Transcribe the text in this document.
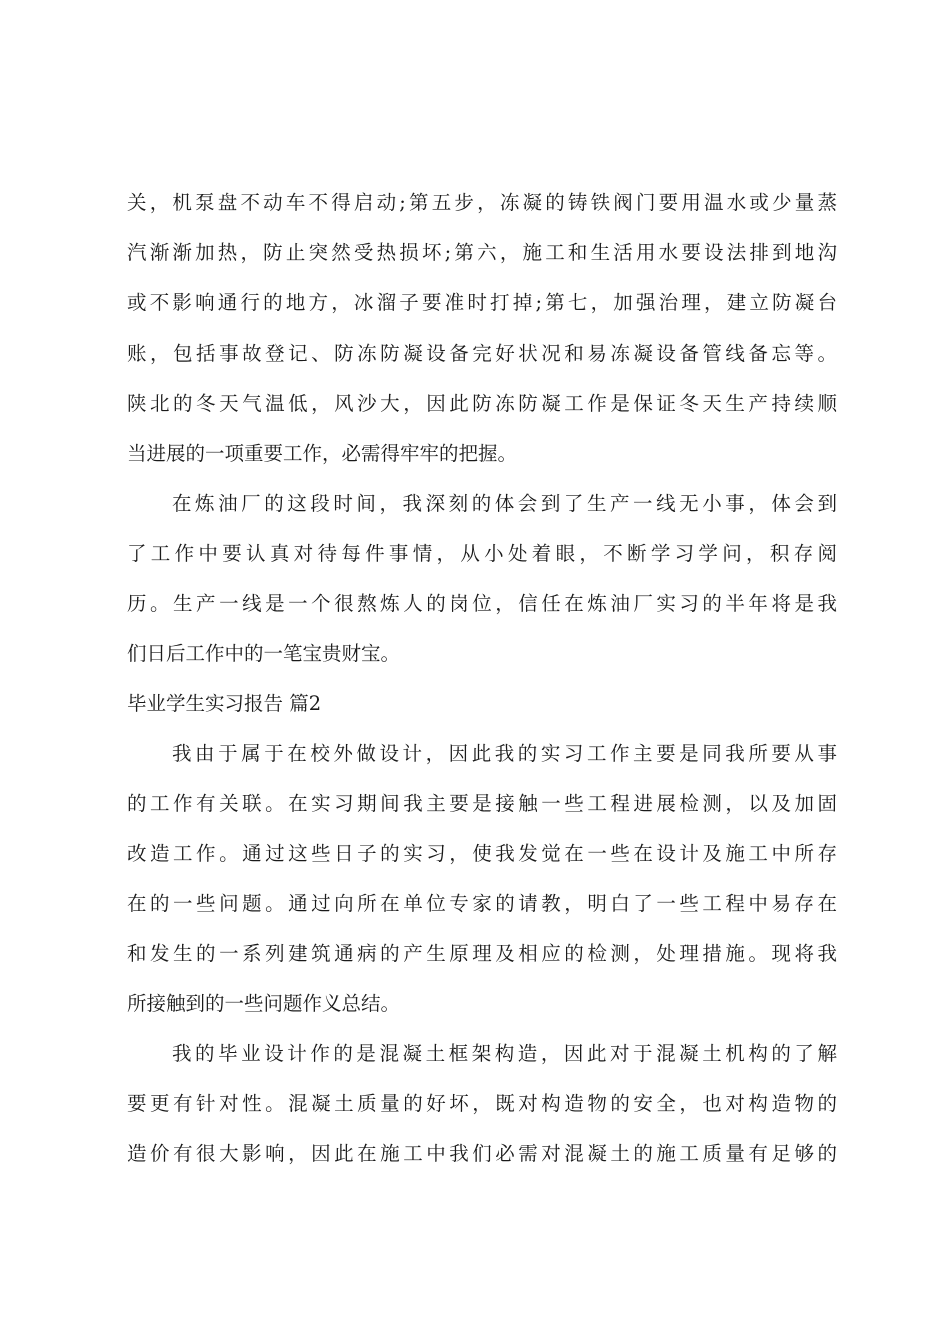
关，机泵盘不动车不得启动;第五步，冻凝的铸铁阀门要用温水或少量蒸
汽渐渐加热，防止突然受热损坏;第六，施工和生活用水要设法排到地沟
或不影响通行的地方，冰溜子要准时打掉;第七，加强治理，建立防凝台
账，包括事故登记、防冻防凝设备完好状况和易冻凝设备管线备忘等。
陕北的冬天气温低，风沙大，因此防冻防凝工作是保证冬天生产持续顺
当进展的一项重要工作，必需得牢牢的把握。
在炼油厂的这段时间，我深刻的体会到了生产一线无小事，体会到
了工作中要认真对待每件事情，从小处着眼，不断学习学问，积存阅
历。生产一线是一个很熬炼人的岗位，信任在炼油厂实习的半年将是我
们日后工作中的一笔宝贵财宝。
毕业学生实习报告 篇2
我由于属于在校外做设计，因此我的实习工作主要是同我所要从事
的工作有关联。在实习期间我主要是接触一些工程进展检测，以及加固
改造工作。通过这些日子的实习，使我发觉在一些在设计及施工中所存
在的一些问题。通过向所在单位专家的请教，明白了一些工程中易存在
和发生的一系列建筑通病的产生原理及相应的检测，处理措施。现将我
所接触到的一些问题作义总结。
我的毕业设计作的是混凝土框架构造，因此对于混凝土机构的了解
要更有针对性。混凝土质量的好坏，既对构造物的安全，也对构造物的
造价有很大影响，因此在施工中我们必需对混凝土的施工质量有足够的
